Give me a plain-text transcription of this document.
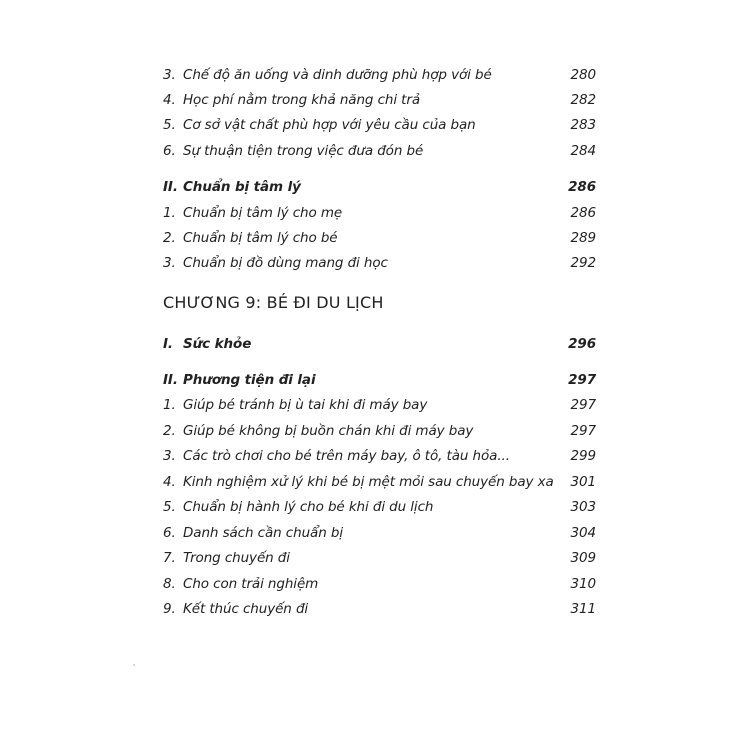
3. Chế độ ăn uống và dinh dưỡng phù hợp với bé	280
4. Học phí nằm trong khả năng chi trả	282
5. Cơ sở vật chất phù hợp với yêu cầu của bạn	283
6. Sự thuận tiện trong việc đưa đón bé	284
II. Chuẩn bị tâm lý	286
1. Chuẩn bị tâm lý cho mẹ	286
2. Chuẩn bị tâm lý cho bé	289
3. Chuẩn bị đồ dùng mang đi học	292
CHƯƠNG 9: BÉ ĐI DU LỊCH
I. Sức khỏe	296
II. Phương tiện đi lại	297
1. Giúp bé tránh bị ù tai khi đi máy bay	297
2. Giúp bé không bị buồn chán khi đi máy bay	297
3. Các trò chơi cho bé trên máy bay, ô tô, tàu hỏa...	299
4. Kinh nghiệm xử lý khi bé bị mệt mỏi sau chuyến bay xa 301
5. Chuẩn bị hành lý cho bé khi đi du lịch	303
6. Danh sách cần chuẩn bị	304
7. Trong chuyến đi	309
8. Cho con trải nghiệm	310
9. Kết thúc chuyến đi	311
